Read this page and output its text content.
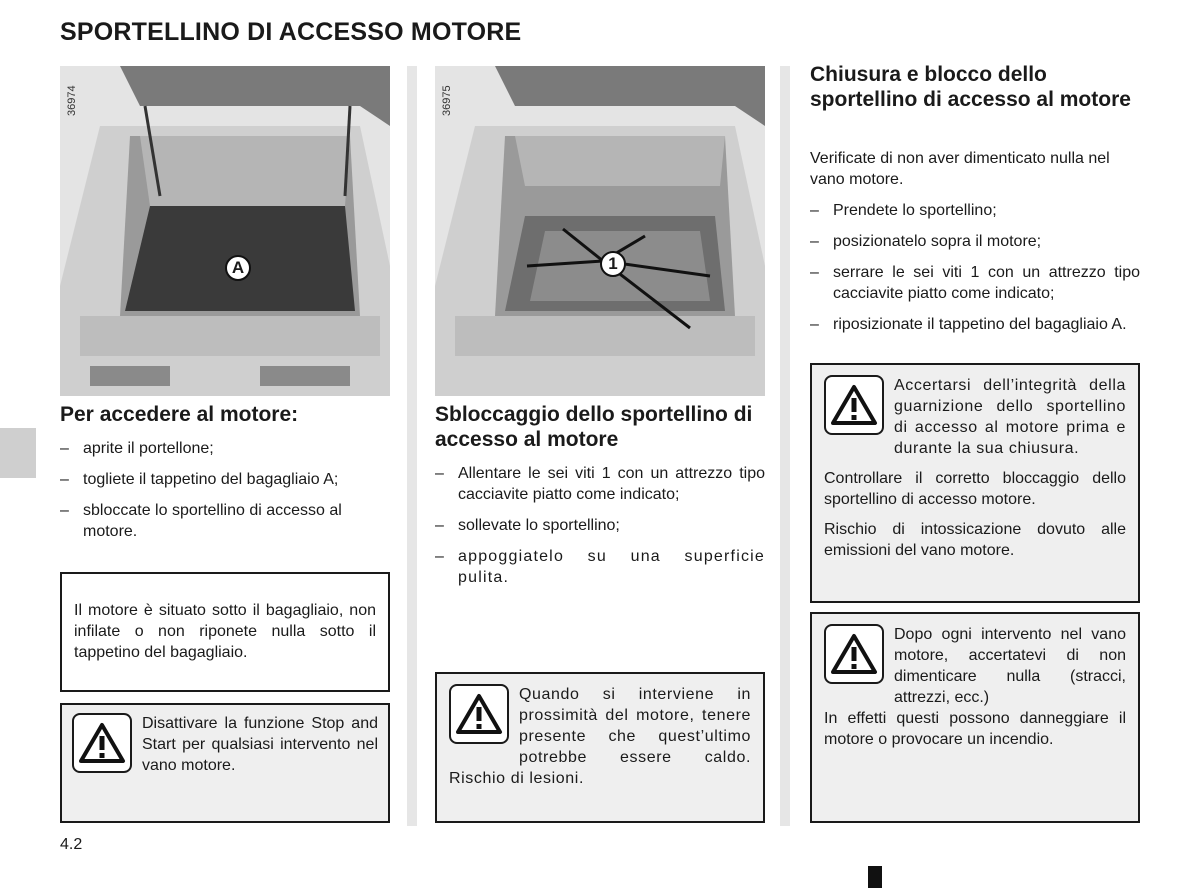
SPORTELLINO DI ACCESSO MOTORE
36974
A
36975
1
Per accedere al motore:
– aprite il portellone;
– togliete il tappetino del bagagliaio A;
– sbloccate lo sportellino di accesso al motore.

Il motore è situato sotto il bagagliaio, non infilate o non riponete nulla sotto il tappetino del bagagliaio.

Disattivare la funzione Stop and Start per qualsiasi intervento nel vano motore.
Sbloccaggio dello sportellino di accesso al motore
– Allentare le sei viti 1 con un attrezzo tipo cacciavite piatto come indicato;
– sollevate lo sportellino;
– appoggiatelo su una superficie pulita.
Quando si interviene in prossimità del motore, tenere presente che quest’ultimo potrebbe essere caldo. Rischio di lesioni.
Chiusura e blocco dello sportellino di accesso al motore

Verificate di non aver dimenticato nulla nel vano motore.

– Prendete lo sportellino;
– posizionatelo sopra il motore;
– serrare le sei viti 1 con un attrezzo tipo cacciavite piatto come indicato;
– riposizionate il tappetino del bagagliaio A.

Accertarsi dell’integrità della guarnizione dello sportellino di accesso al motore prima e durante la sua chiusura.

Controllare il corretto bloccaggio dello sportellino di accesso motore.

Rischio di intossicazione dovuto alle emissioni del vano motore.

Dopo ogni intervento nel vano motore, accertatevi di non dimenticare nulla (stracci, attrezzi, ecc.)

In effetti questi possono danneggiare il motore o provocare un incendio.

4.2
